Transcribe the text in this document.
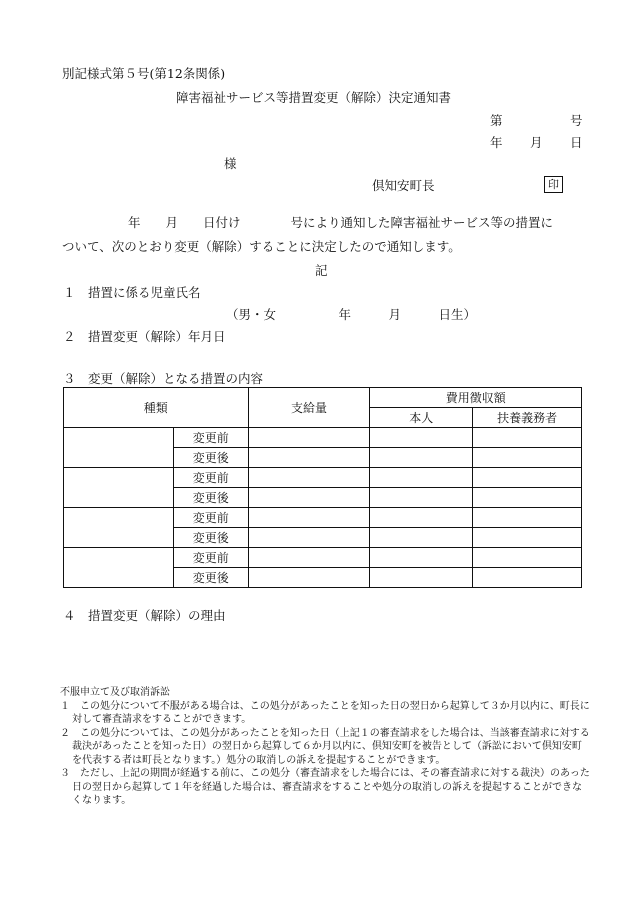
別記様式第５号(第12条関係)
障害福祉サービス等措置変更（解除）決定通知書
第	号
年 月 日
様
倶知安町長	印
年　　月　　日付け　　　　号により通知した障害福祉サービス等の措置に
ついて、次のとおり変更（解除）することに決定したので通知します。
記
１　措置に係る児童氏名
（男・女　　　　　年　　　月　　　日生）
２　措置変更（解除）年月日
３　変更（解除）となる措置の内容
種類		支給量	費用徴収額	
			本人	扶養義務者
	変更前			
	変更後			
	変更前			
	変更後			
	変更前			
	変更後			
	変更前			
	変更後			
４　措置変更（解除）の理由
不服申立て及び取消訴訟
１　この処分について不服がある場合は、この処分があったことを知った日の翌日から起算して３か月以内に、町長に対して審査請求をすることができます。
２　この処分については、この処分があったことを知った日（上記１の審査請求をした場合は、当該審査請求に対する裁決があったことを知った日）の翌日から起算して６か月以内に、倶知安町を被告として（訴訟において倶知安町を代表する者は町長となります。）処分の取消しの訴えを提起することができます。
３　ただし、上記の期間が経過する前に、この処分（審査請求をした場合には、その審査請求に対する裁決）のあった日の翌日から起算して１年を経過した場合は、審査請求をすることや処分の取消しの訴えを提起することができなくなります。
